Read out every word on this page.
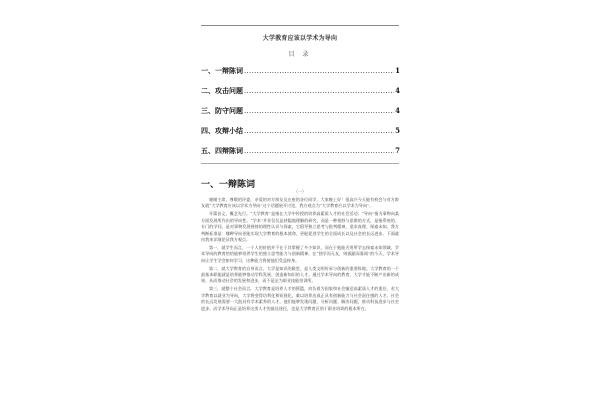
大学教育应该以学术为导向
目 录
一、一辩陈词 .....	1
二、攻击问题 .....	4
三、防守问题 .....	4
四、攻辩小结 .....	5
五、四辩陈词 .....	7
一、一辩陈词
（一）

谢谢主席，尊敬的评委，亲爱的对方辩友及在座的各位同学，大家晚上好！很高兴今天能有机会与对方辩友就“大学教育应该以学术为导向”这个话题展开讨论，我方观点为“大学教育应以学术为导向”。

开篇首义，概念先行。“大学教育”是指在大学中传授的培养高素质人才的社会活动；“导向”指为事物向某方面发展所作出的导向性。“学术”并非仅仅是狭隘地理解的研究，而是一种视野与思维的方式，是指系统的、专门的学问，是对事物发展规律的理性认识与探索，它倡导独立思考与批判精神，追求真理、探索未知。我方判断标准是：哪种导向更能实现大学教育的根本使命，更能促进学生的全面成长以及社会的长远进步。下面就由我来详细论证我方观点。

第一，就学生而言，一个人的价值并不在于其掌握了多少知识，而在于他能否用所学去探索未知领域，学术导向的教育恰恰能够培养学生的独立思考能力与创新精神。在“独学而无友，则孤陋而寡闻”的今天，学术导向让学生学会如何学习，这种能力将使他们受益终身。

第二，就大学教育的自身而言，大学是知识的殿堂，是人类文明传承与创新的重要阵地。大学教育的一个最基本职能就是培养能够推动学科发展、创造新知识的人才。通过学术导向的教育，大学才能不断产出新的成果，从而推动社会的发展和进步，而不是沦为职业技能培训所。

第三，就整个社会而言，大学教育是培养人才的摇篮，肩负着为国家和社会输送高素质人才的重任。若大学教育以就业为导向，大学将变得功利化和短视化，难以培养出真正具有创新能力与社会责任感的人才。社会的长远发展需要一大批具有学术素养的人才，他们能够发现问题、分析问题、解决问题，推动科技进步与社会进步。而学术导向正是培养这类人才的最佳途径，也是大学教育区别于职业培训的根本所在。
